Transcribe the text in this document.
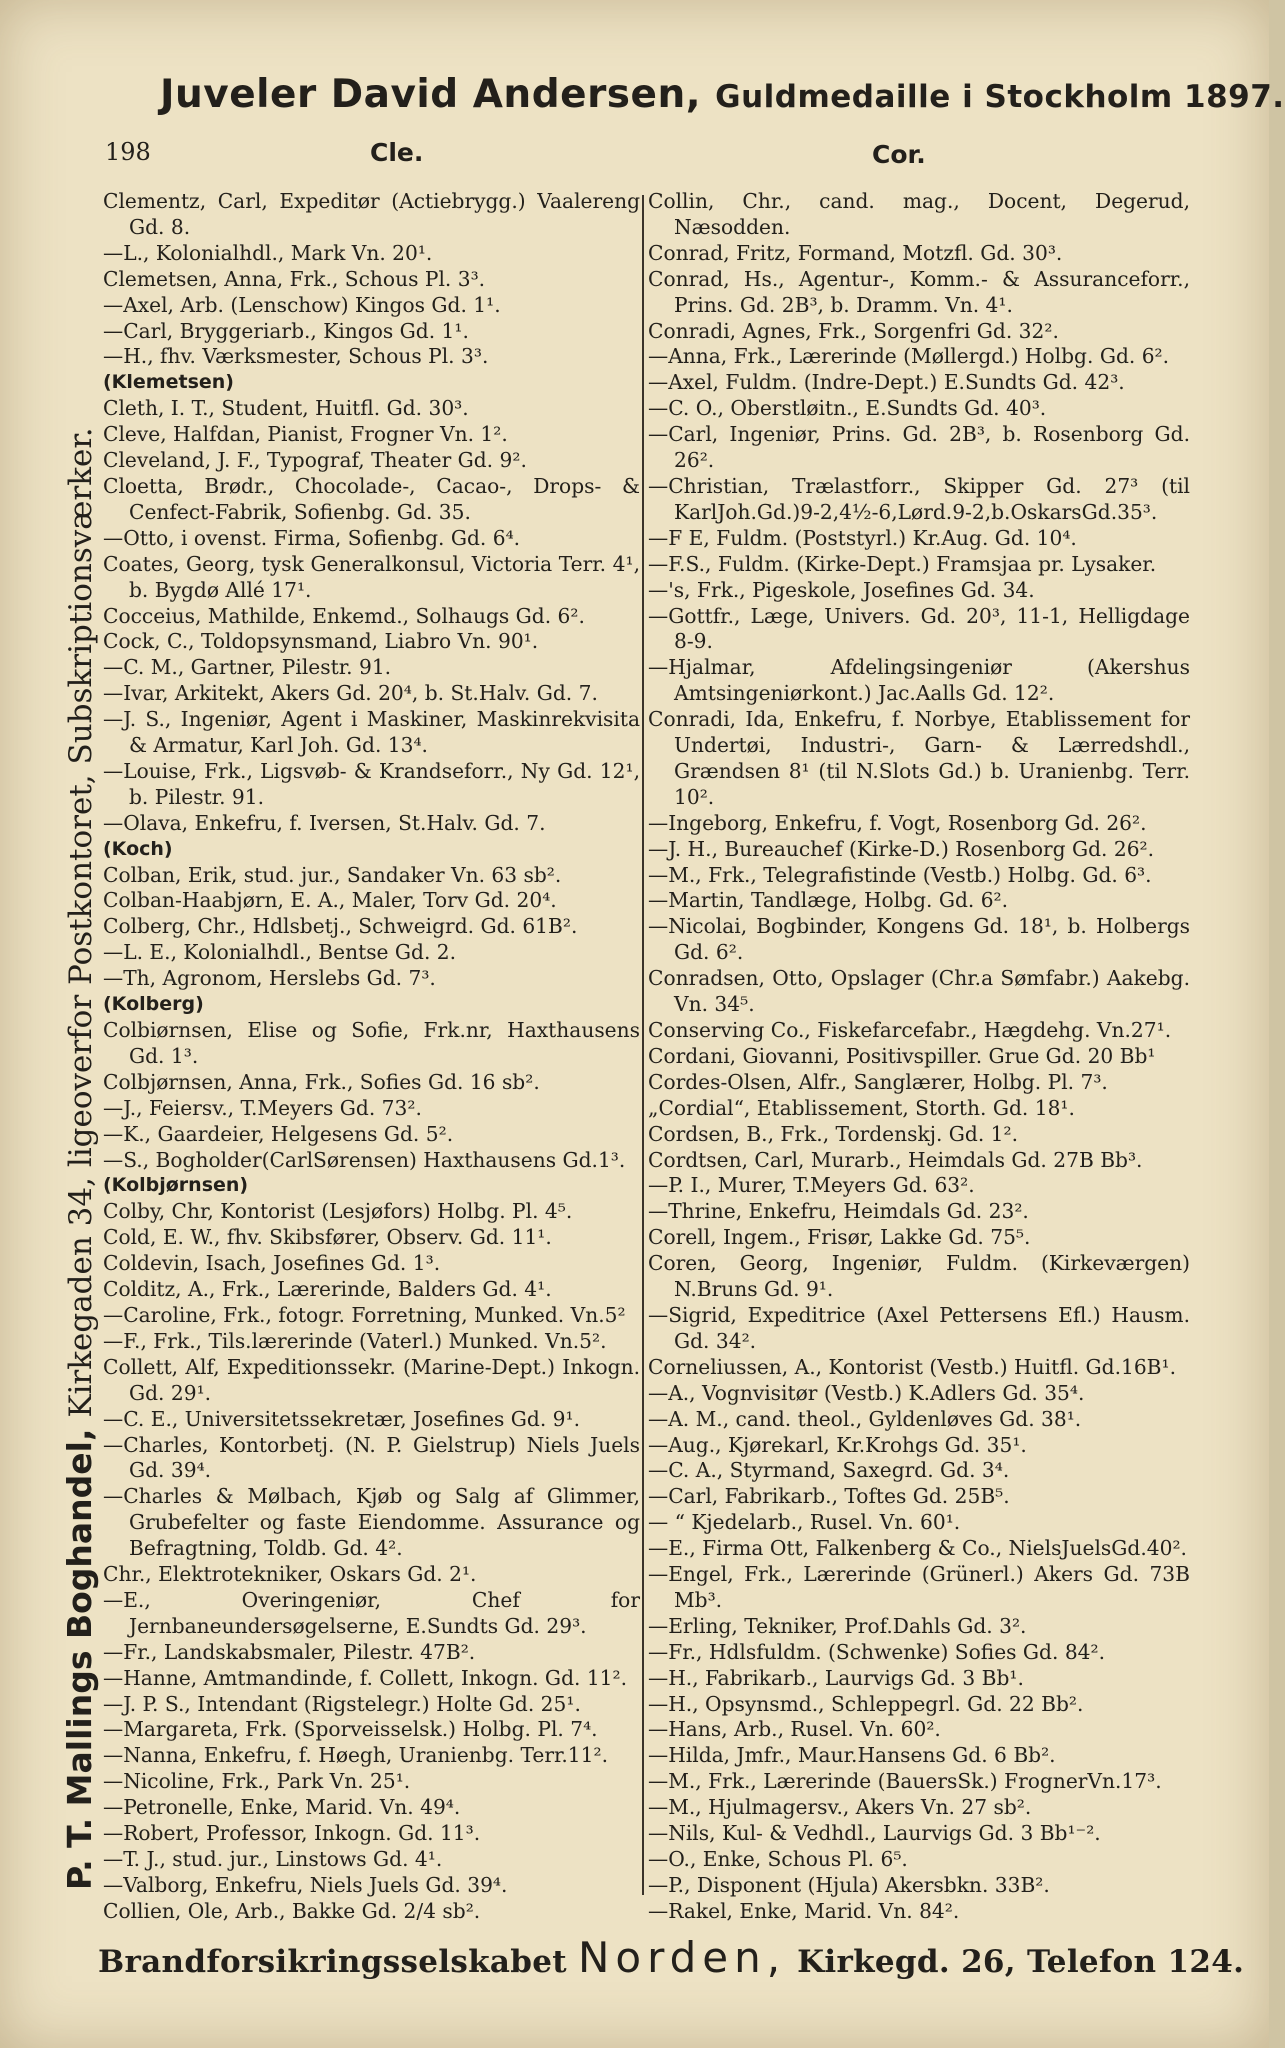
Juveler David Andersen, Guldmedaille i Stockholm 1897.
198	Cle.	Cor.
P. T. Mallings Boghandel, Kirkegaden 34, ligeoverfor Postkontoret, Subskriptionsværker.
Clementz, Carl, Expeditør (Actiebrygg.) Vaalereng Gd. 8.
—L., Kolonialhdl., Mark Vn. 20¹.
Clemetsen, Anna, Frk., Schous Pl. 3³.
—Axel, Arb. (Lenschow) Kingos Gd. 1¹.
—Carl, Bryggeriarb., Kingos Gd. 1¹.
—H., fhv. Værksmester, Schous Pl. 3³.
(Klemetsen)
Cleth, I. T., Student, Huitfl. Gd. 30³.
Cleve, Halfdan, Pianist, Frogner Vn. 1².
Cleveland, J. F., Typograf, Theater Gd. 9².
Cloetta, Brødr., Chocolade-, Cacao-, Drops- & Cenfect-Fabrik, Sofienbg. Gd. 35.
—Otto, i ovenst. Firma, Sofienbg. Gd. 6⁴.
Coates, Georg, tysk Generalkonsul, Victoria Terr. 4¹, b. Bygdø Allé 17¹.
Cocceius, Mathilde, Enkemd., Solhaugs Gd. 6².
Cock, C., Toldopsynsmand, Liabro Vn. 90¹.
—C. M., Gartner, Pilestr. 91.
—Ivar, Arkitekt, Akers Gd. 20⁴, b. St.Halv. Gd. 7.
—J. S., Ingeniør, Agent i Maskiner, Maskinrekvisita & Armatur, Karl Joh. Gd. 13⁴.
—Louise, Frk., Ligsvøb- & Krandseforr., Ny Gd. 12¹, b. Pilestr. 91.
—Olava, Enkefru, f. Iversen, St.Halv. Gd. 7.
(Koch)
Colban, Erik, stud. jur., Sandaker Vn. 63 sb².
Colban-Haabjørn, E. A., Maler, Torv Gd. 20⁴.
Colberg, Chr., Hdlsbetj., Schweigrd. Gd. 61B².
—L. E., Kolonialhdl., Bentse Gd. 2.
—Th, Agronom, Herslebs Gd. 7³.
(Kolberg)
Colbiørnsen, Elise og Sofie, Frk.nr, Haxthausens Gd. 1³.
Colbjørnsen, Anna, Frk., Sofies Gd. 16 sb².
—J., Feiersv., T.Meyers Gd. 73².
—K., Gaardeier, Helgesens Gd. 5².
—S., Bogholder(CarlSørensen) Haxthausens Gd.1³.
(Kolbjørnsen)
Colby, Chr, Kontorist (Lesjøfors) Holbg. Pl. 4⁵.
Cold, E. W., fhv. Skibsfører, Observ. Gd. 11¹.
Coldevin, Isach, Josefines Gd. 1³.
Colditz, A., Frk., Lærerinde, Balders Gd. 4¹.
—Caroline, Frk., fotogr. Forretning, Munked. Vn.5²
—F., Frk., Tils.lærerinde (Vaterl.) Munked. Vn.5².
Collett, Alf, Expeditionssekr. (Marine-Dept.) Inkogn. Gd. 29¹.
—C. E., Universitetssekretær, Josefines Gd. 9¹.
—Charles, Kontorbetj. (N. P. Gielstrup) Niels Juels Gd. 39⁴.
—Charles & Mølbach, Kjøb og Salg af Glimmer, Grubefelter og faste Eiendomme. Assurance og Befragtning, Toldb. Gd. 4².
Chr., Elektrotekniker, Oskars Gd. 2¹.
—E., Overingeniør, Chef for Jernbaneundersøgelserne, E.Sundts Gd. 29³.
—Fr., Landskabsmaler, Pilestr. 47B².
—Hanne, Amtmandinde, f. Collett, Inkogn. Gd. 11².
—J. P. S., Intendant (Rigstelegr.) Holte Gd. 25¹.
—Margareta, Frk. (Sporveisselsk.) Holbg. Pl. 7⁴.
—Nanna, Enkefru, f. Høegh, Uranienbg. Terr.11².
—Nicoline, Frk., Park Vn. 25¹.
—Petronelle, Enke, Marid. Vn. 49⁴.
—Robert, Professor, Inkogn. Gd. 11³.
—T. J., stud. jur., Linstows Gd. 4¹.
—Valborg, Enkefru, Niels Juels Gd. 39⁴.
Collien, Ole, Arb., Bakke Gd. 2/4 sb².
Collin, Chr., cand. mag., Docent, Degerud, Næsodden.
Conrad, Fritz, Formand, Motzfl. Gd. 30³.
Conrad, Hs., Agentur-, Komm.- & Assuranceforr., Prins. Gd. 2B³, b. Dramm. Vn. 4¹.
Conradi, Agnes, Frk., Sorgenfri Gd. 32².
—Anna, Frk., Lærerinde (Møllergd.) Holbg. Gd. 6².
—Axel, Fuldm. (Indre-Dept.) E.Sundts Gd. 42³.
—C. O., Oberstløitn., E.Sundts Gd. 40³.
—Carl, Ingeniør, Prins. Gd. 2B³, b. Rosenborg Gd. 26².
—Christian, Trælastforr., Skipper Gd. 27³ (til KarlJoh.Gd.)9-2,4½-6,Lørd.9-2,b.OskarsGd.35³.
—F E, Fuldm. (Poststyrl.) Kr.Aug. Gd. 10⁴.
—F.S., Fuldm. (Kirke-Dept.) Framsjaa pr. Lysaker.
—'s, Frk., Pigeskole, Josefines Gd. 34.
—Gottfr., Læge, Univers. Gd. 20³, 11-1, Helligdage 8-9.
—Hjalmar, Afdelingsingeniør (Akershus Amtsingeniørkont.) Jac.Aalls Gd. 12².
Conradi, Ida, Enkefru, f. Norbye, Etablissement for Undertøi, Industri-, Garn- & Lærredshdl., Grændsen 8¹ (til N.Slots Gd.) b. Uranienbg. Terr. 10².
—Ingeborg, Enkefru, f. Vogt, Rosenborg Gd. 26².
—J. H., Bureauchef (Kirke-D.) Rosenborg Gd. 26².
—M., Frk., Telegrafistinde (Vestb.) Holbg. Gd. 6³.
—Martin, Tandlæge, Holbg. Gd. 6².
—Nicolai, Bogbinder, Kongens Gd. 18¹, b. Holbergs Gd. 6².
Conradsen, Otto, Opslager (Chr.a Sømfabr.) Aakebg. Vn. 34⁵.
Conserving Co., Fiskefarcefabr., Hægdehg. Vn.27¹.
Cordani, Giovanni, Positivspiller. Grue Gd. 20 Bb¹
Cordes-Olsen, Alfr., Sanglærer, Holbg. Pl. 7³.
„Cordial“, Etablissement, Storth. Gd. 18¹.
Cordsen, B., Frk., Tordenskj. Gd. 1².
Cordtsen, Carl, Murarb., Heimdals Gd. 27B Bb³.
—P. I., Murer, T.Meyers Gd. 63².
—Thrine, Enkefru, Heimdals Gd. 23².
Corell, Ingem., Frisør, Lakke Gd. 75⁵.
Coren, Georg, Ingeniør, Fuldm. (Kirkeværgen) N.Bruns Gd. 9¹.
—Sigrid, Expeditrice (Axel Pettersens Efl.) Hausm. Gd. 34².
Corneliussen, A., Kontorist (Vestb.) Huitfl. Gd.16B¹.
—A., Vognvisitør (Vestb.) K.Adlers Gd. 35⁴.
—A. M., cand. theol., Gyldenløves Gd. 38¹.
—Aug., Kjørekarl, Kr.Krohgs Gd. 35¹.
—C. A., Styrmand, Saxegrd. Gd. 3⁴.
—Carl, Fabrikarb., Toftes Gd. 25B⁵.
— “ Kjedelarb., Rusel. Vn. 60¹.
—E., Firma Ott, Falkenberg & Co., NielsJuelsGd.40².
—Engel, Frk., Lærerinde (Grünerl.) Akers Gd. 73B Mb³.
—Erling, Tekniker, Prof.Dahls Gd. 3².
—Fr., Hdlsfuldm. (Schwenke) Sofies Gd. 84².
—H., Fabrikarb., Laurvigs Gd. 3 Bb¹.
—H., Opsynsmd., Schleppegrl. Gd. 22 Bb².
—Hans, Arb., Rusel. Vn. 60².
—Hilda, Jmfr., Maur.Hansens Gd. 6 Bb².
—M., Frk., Lærerinde (BauersSk.) FrognerVn.17³.
—M., Hjulmagersv., Akers Vn. 27 sb².
—Nils, Kul- & Vedhdl., Laurvigs Gd. 3 Bb¹⁻².
—O., Enke, Schous Pl. 6⁵.
—P., Disponent (Hjula) Akersbkn. 33B².
—Rakel, Enke, Marid. Vn. 84².
Brandforsikringsselskabet Norden, Kirkegd. 26, Telefon 124.
